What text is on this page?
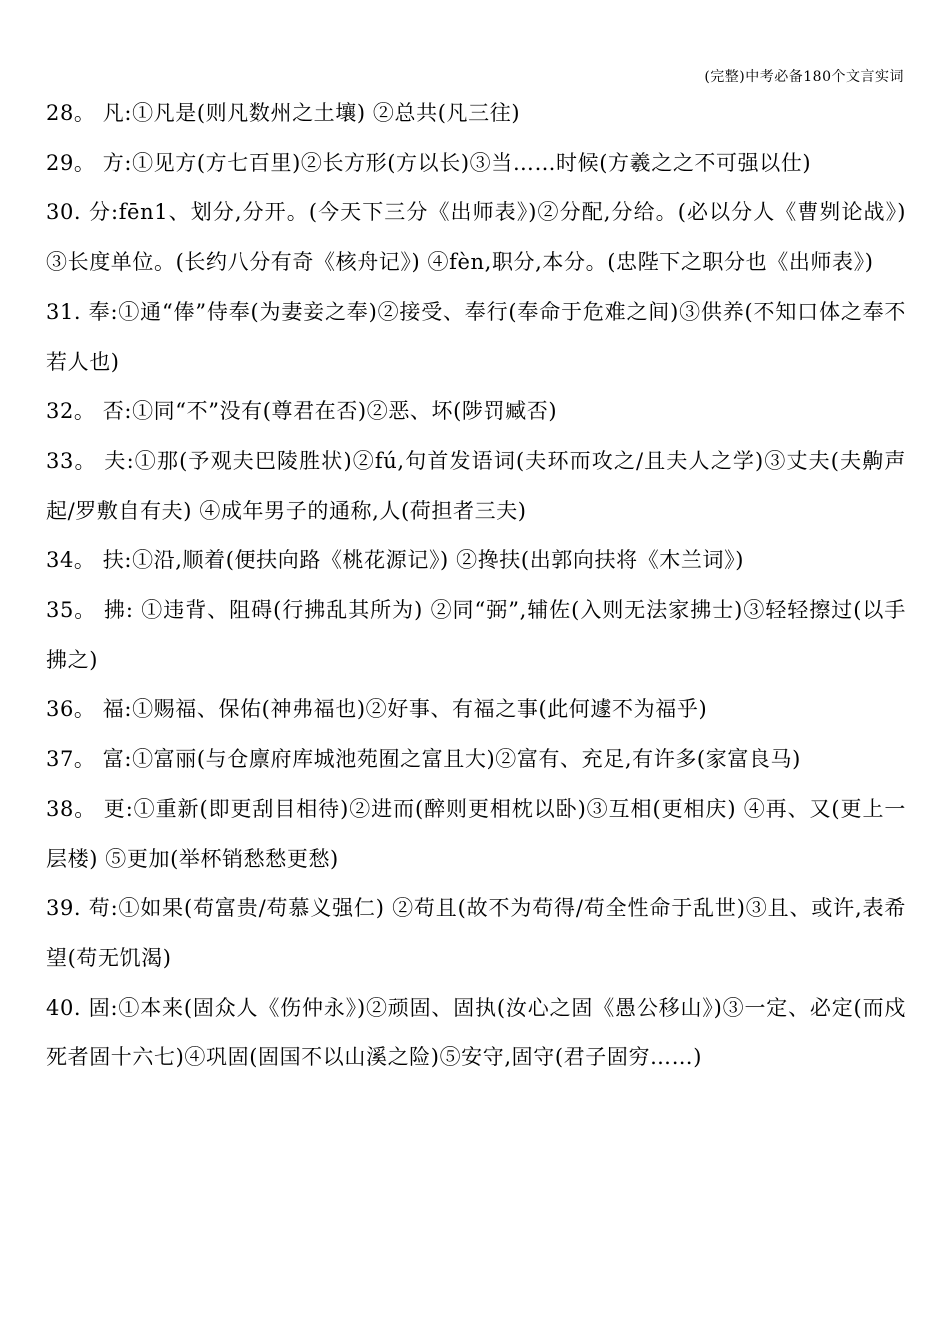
(完整)中考必备180个文言实词

28。 凡:①凡是(则凡数州之土壤) ②总共(凡三往)

29。 方:①见方(方七百里)②长方形(方以长)③当……时候(方羲之之不可强以仕)

30. 分:fēn1、划分,分开。(今天下三分《出师表》)②分配,分给。(必以分人《曹刿论战》)③长度单位。(长约八分有奇《核舟记》) ④fèn,职分,本分。(忠陛下之职分也《出师表》)

31. 奉:①通“俸”侍奉(为妻妾之奉)②接受、奉行(奉命于危难之间)③供养(不知口体之奉不若人也)

32。 否:①同“不”没有(尊君在否)②恶、坏(陟罚臧否)

33。 夫:①那(予观夫巴陵胜状)②fú,句首发语词(夫环而攻之/且夫人之学)③丈夫(夫齁声起/罗敷自有夫) ④成年男子的通称,人(荷担者三夫)

34。 扶:①沿,顺着(便扶向路《桃花源记》) ②搀扶(出郭向扶将《木兰词》)

35。 拂: ①违背、阻碍(行拂乱其所为) ②同“弼”,辅佐(入则无法家拂士)③轻轻擦过(以手拂之)

36。 福:①赐福、保佑(神弗福也)②好事、有福之事(此何遽不为福乎)

37。 富:①富丽(与仓廪府库城池苑囿之富且大)②富有、充足,有许多(家富良马)

38。 更:①重新(即更刮目相待)②进而(醉则更相枕以卧)③互相(更相庆) ④再、又(更上一层楼) ⑤更加(举杯销愁愁更愁)

39. 苟:①如果(苟富贵/苟慕义强仁) ②苟且(故不为苟得/苟全性命于乱世)③且、或许,表希望(苟无饥渴)

40. 固:①本来(固众人《伤仲永》)②顽固、固执(汝心之固《愚公移山》)③一定、必定(而戍死者固十六七)④巩固(固国不以山溪之险)⑤安守,固守(君子固穷……)
